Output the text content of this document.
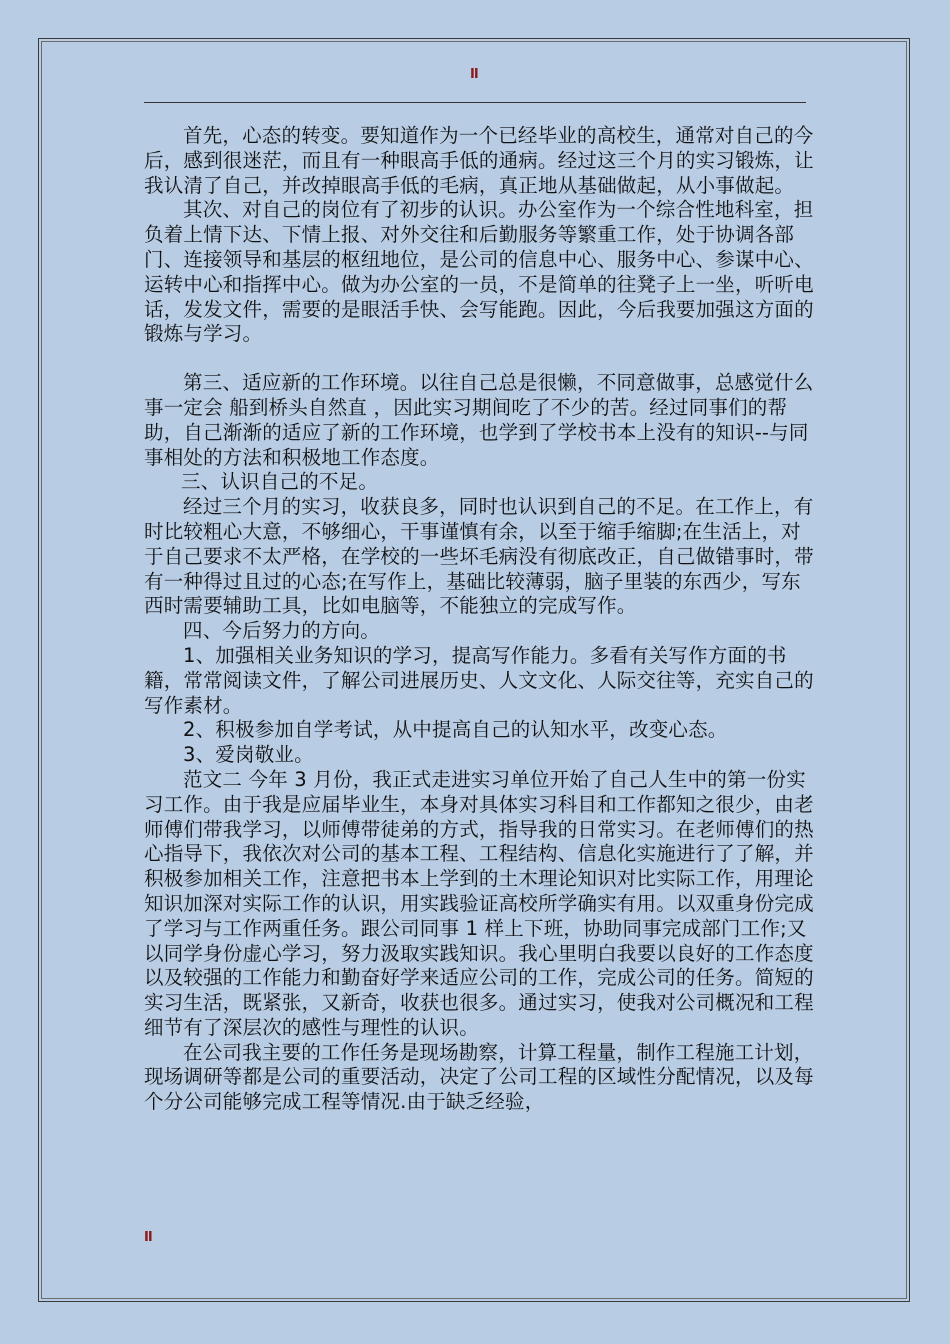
II

首先，心态的转变。要知道作为一个已经毕业的高校生，通常对自己的今后，感到很迷茫，而且有一种眼高手低的通病。经过这三个月的实习锻炼，让我认清了自己，并改掉眼高手低的毛病，真正地从基础做起，从小事做起。

其次、对自己的岗位有了初步的认识。办公室作为一个综合性地科室，担负着上情下达、下情上报、对外交往和后勤服务等繁重工作，处于协调各部门、连接领导和基层的枢纽地位，是公司的信息中心、服务中心、参谋中心、运转中心和指挥中心。做为办公室的一员，不是简单的往凳子上一坐，听听电话，发发文件，需要的是眼活手快、会写能跑。因此，今后我要加强这方面的锻炼与学习。

第三、适应新的工作环境。以往自己总是很懒，不同意做事，总感觉什么事一定会 船到桥头自然直 ，因此实习期间吃了不少的苦。经过同事们的帮助，自己渐渐的适应了新的工作环境，也学到了学校书本上没有的知识--与同事相处的方法和积极地工作态度。

三、认识自己的不足。

经过三个月的实习，收获良多，同时也认识到自己的不足。在工作上，有时比较粗心大意，不够细心，干事谨慎有余，以至于缩手缩脚;在生活上，对于自己要求不太严格，在学校的一些坏毛病没有彻底改正，自己做错事时，带有一种得过且过的心态;在写作上，基础比较薄弱，脑子里装的东西少，写东西时需要辅助工具，比如电脑等，不能独立的完成写作。

四、今后努力的方向。

1、加强相关业务知识的学习，提高写作能力。多看有关写作方面的书籍，常常阅读文件，了解公司进展历史、人文文化、人际交往等，充实自己的写作素材。

2、积极参加自学考试，从中提高自己的认知水平，改变心态。

3、爱岗敬业。

范文二 今年 3 月份，我正式走进实习单位开始了自己人生中的第一份实习工作。由于我是应届毕业生，本身对具体实习科目和工作都知之很少，由老师傅们带我学习，以师傅带徒弟的方式，指导我的日常实习。在老师傅们的热心指导下，我依次对公司的基本工程、工程结构、信息化实施进行了了解，并积极参加相关工作，注意把书本上学到的土木理论知识对比实际工作，用理论知识加深对实际工作的认识，用实践验证高校所学确实有用。以双重身份完成了学习与工作两重任务。跟公司同事 1 样上下班，协助同事完成部门工作;又以同学身份虚心学习，努力汲取实践知识。我心里明白我要以良好的工作态度以及较强的工作能力和勤奋好学来适应公司的工作，完成公司的任务。简短的实习生活，既紧张，又新奇，收获也很多。通过实习，使我对公司概况和工程细节有了深层次的感性与理性的认识。

在公司我主要的工作任务是现场勘察，计算工程量，制作工程施工计划，现场调研等都是公司的重要活动，决定了公司工程的区域性分配情况，以及每个分公司能够完成工程等情况.由于缺乏经验，

II
